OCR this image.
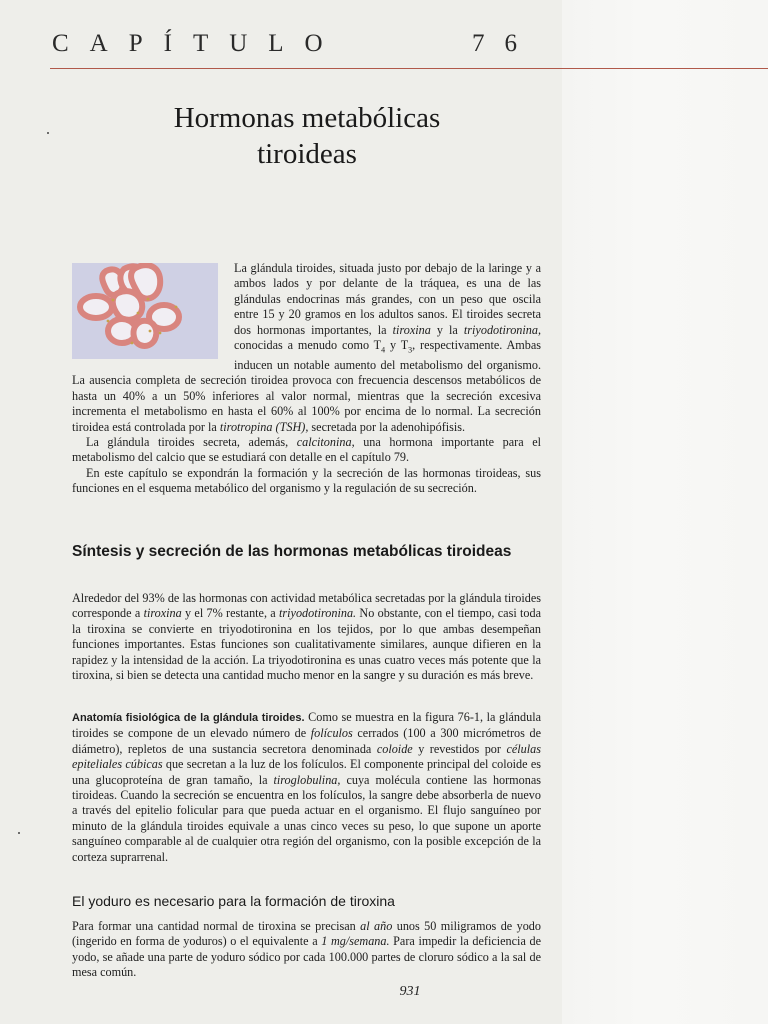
CAPÍTULO	76
Hormonas metabólicas
tiroideas

La glándula tiroides, situada justo por debajo de la laringe y a ambos lados y por delante de la tráquea, es una de las glándulas endocrinas más grandes, con un peso que oscila entre 15 y 20 gramos en los adultos sanos. El tiroides secreta dos hormonas importantes, la tiroxina y la triyodotironina, conocidas a menudo como $T_4$ y $T_3$, respectivamente. Ambas inducen un notable aumento del metabolismo del organismo. La ausencia completa de secreción tiroidea provoca con frecuencia descensos metabólicos de hasta un 40% a un 50% inferiores al valor normal, mientras que la secreción excesiva incrementa el metabolismo en hasta el 60% al 100% por encima de lo normal. La secreción tiroidea está controlada por la tirotropina (TSH), secretada por la adenohipófisis.

La glándula tiroides secreta, además, calcitonina, una hormona importante para el metabolismo del calcio que se estudiará con detalle en el capítulo 79.

En este capítulo se expondrán la formación y la secreción de las hormonas tiroideas, sus funciones en el esquema metabólico del organismo y la regulación de su secreción.

Síntesis y secreción de las hormonas metabólicas tiroideas

Alrededor del 93% de las hormonas con actividad metabólica secretadas por la glándula tiroides corresponde a tiroxina y el 7% restante, a triyodotironina. No obstante, con el tiempo, casi toda la tiroxina se convierte en triyodotironina en los tejidos, por lo que ambas desempeñan funciones importantes. Estas funciones son cualitativamente similares, aunque difieren en la rapidez y la intensidad de la acción. La triyodotironina es unas cuatro veces más potente que la tiroxina, si bien se detecta una cantidad mucho menor en la sangre y su duración es más breve.

Anatomía fisiológica de la glándula tiroides. Como se muestra en la figura 76-1, la glándula tiroides se compone de un elevado número de folículos cerrados (100 a 300 micrómetros de diámetro), repletos de una sustancia secretora denominada coloide y revestidos por células epiteliales cúbicas que secretan a la luz de los folículos. El componente principal del coloide es una glucoproteína de gran tamaño, la tiroglobulina, cuya molécula contiene las hormonas tiroideas. Cuando la secreción se encuentra en los folículos, la sangre debe absorberla de nuevo a través del epitelio folicular para que pueda actuar en el organismo. El flujo sanguíneo por minuto de la glándula tiroides equivale a unas cinco veces su peso, lo que supone un aporte sanguíneo comparable al de cualquier otra región del organismo, con la posible excepción de la corteza suprarrenal.

El yoduro es necesario para la formación de tiroxina

Para formar una cantidad normal de tiroxina se precisan al año unos 50 miligramos de yodo (ingerido en forma de yoduros) o el equivalente a 1 mg/semana. Para impedir la deficiencia de yodo, se añade una parte de yoduro sódico por cada 100.000 partes de cloruro sódico a la sal de mesa común.

931
